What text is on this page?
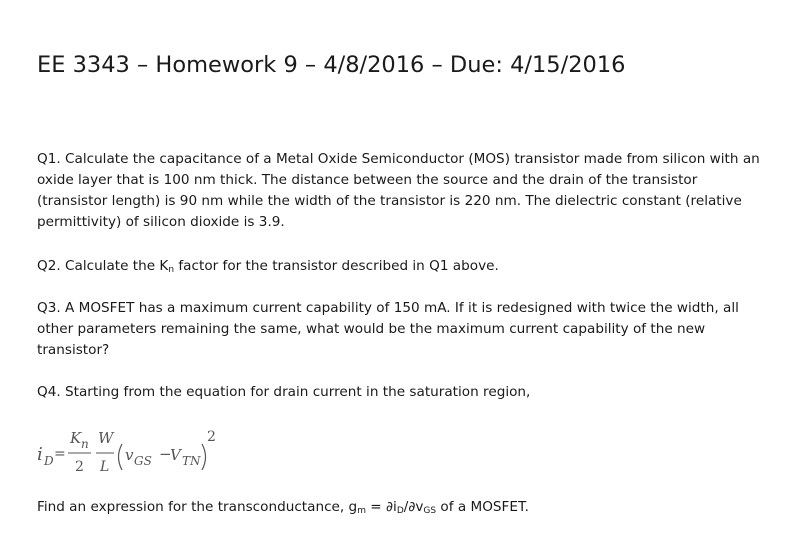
EE 3343 – Homework 9 – 4/8/2016 – Due: 4/15/2016

Q1. Calculate the capacitance of a Metal Oxide Semiconductor (MOS) transistor made from silicon with an oxide layer that is 100 nm thick. The distance between the source and the drain of the transistor (transistor length) is 90 nm while the width of the transistor is 220 nm. The dielectric constant (relative permittivity) of silicon dioxide is 3.9.

Q2. Calculate the $K_n$ factor for the transistor described in Q1 above.

Q3. A MOSFET has a maximum current capability of 150 mA. If it is redesigned with twice the width, all other parameters remaining the same, what would be the maximum current capability of the new transistor?

Q4. Starting from the equation for drain current in the saturation region,

i D =
K n
2
W
L
v GS −
V TN
2

Find an expression for the transconductance, $g_m = \partial i_D/\partial v_{GS}$ of a MOSFET.
